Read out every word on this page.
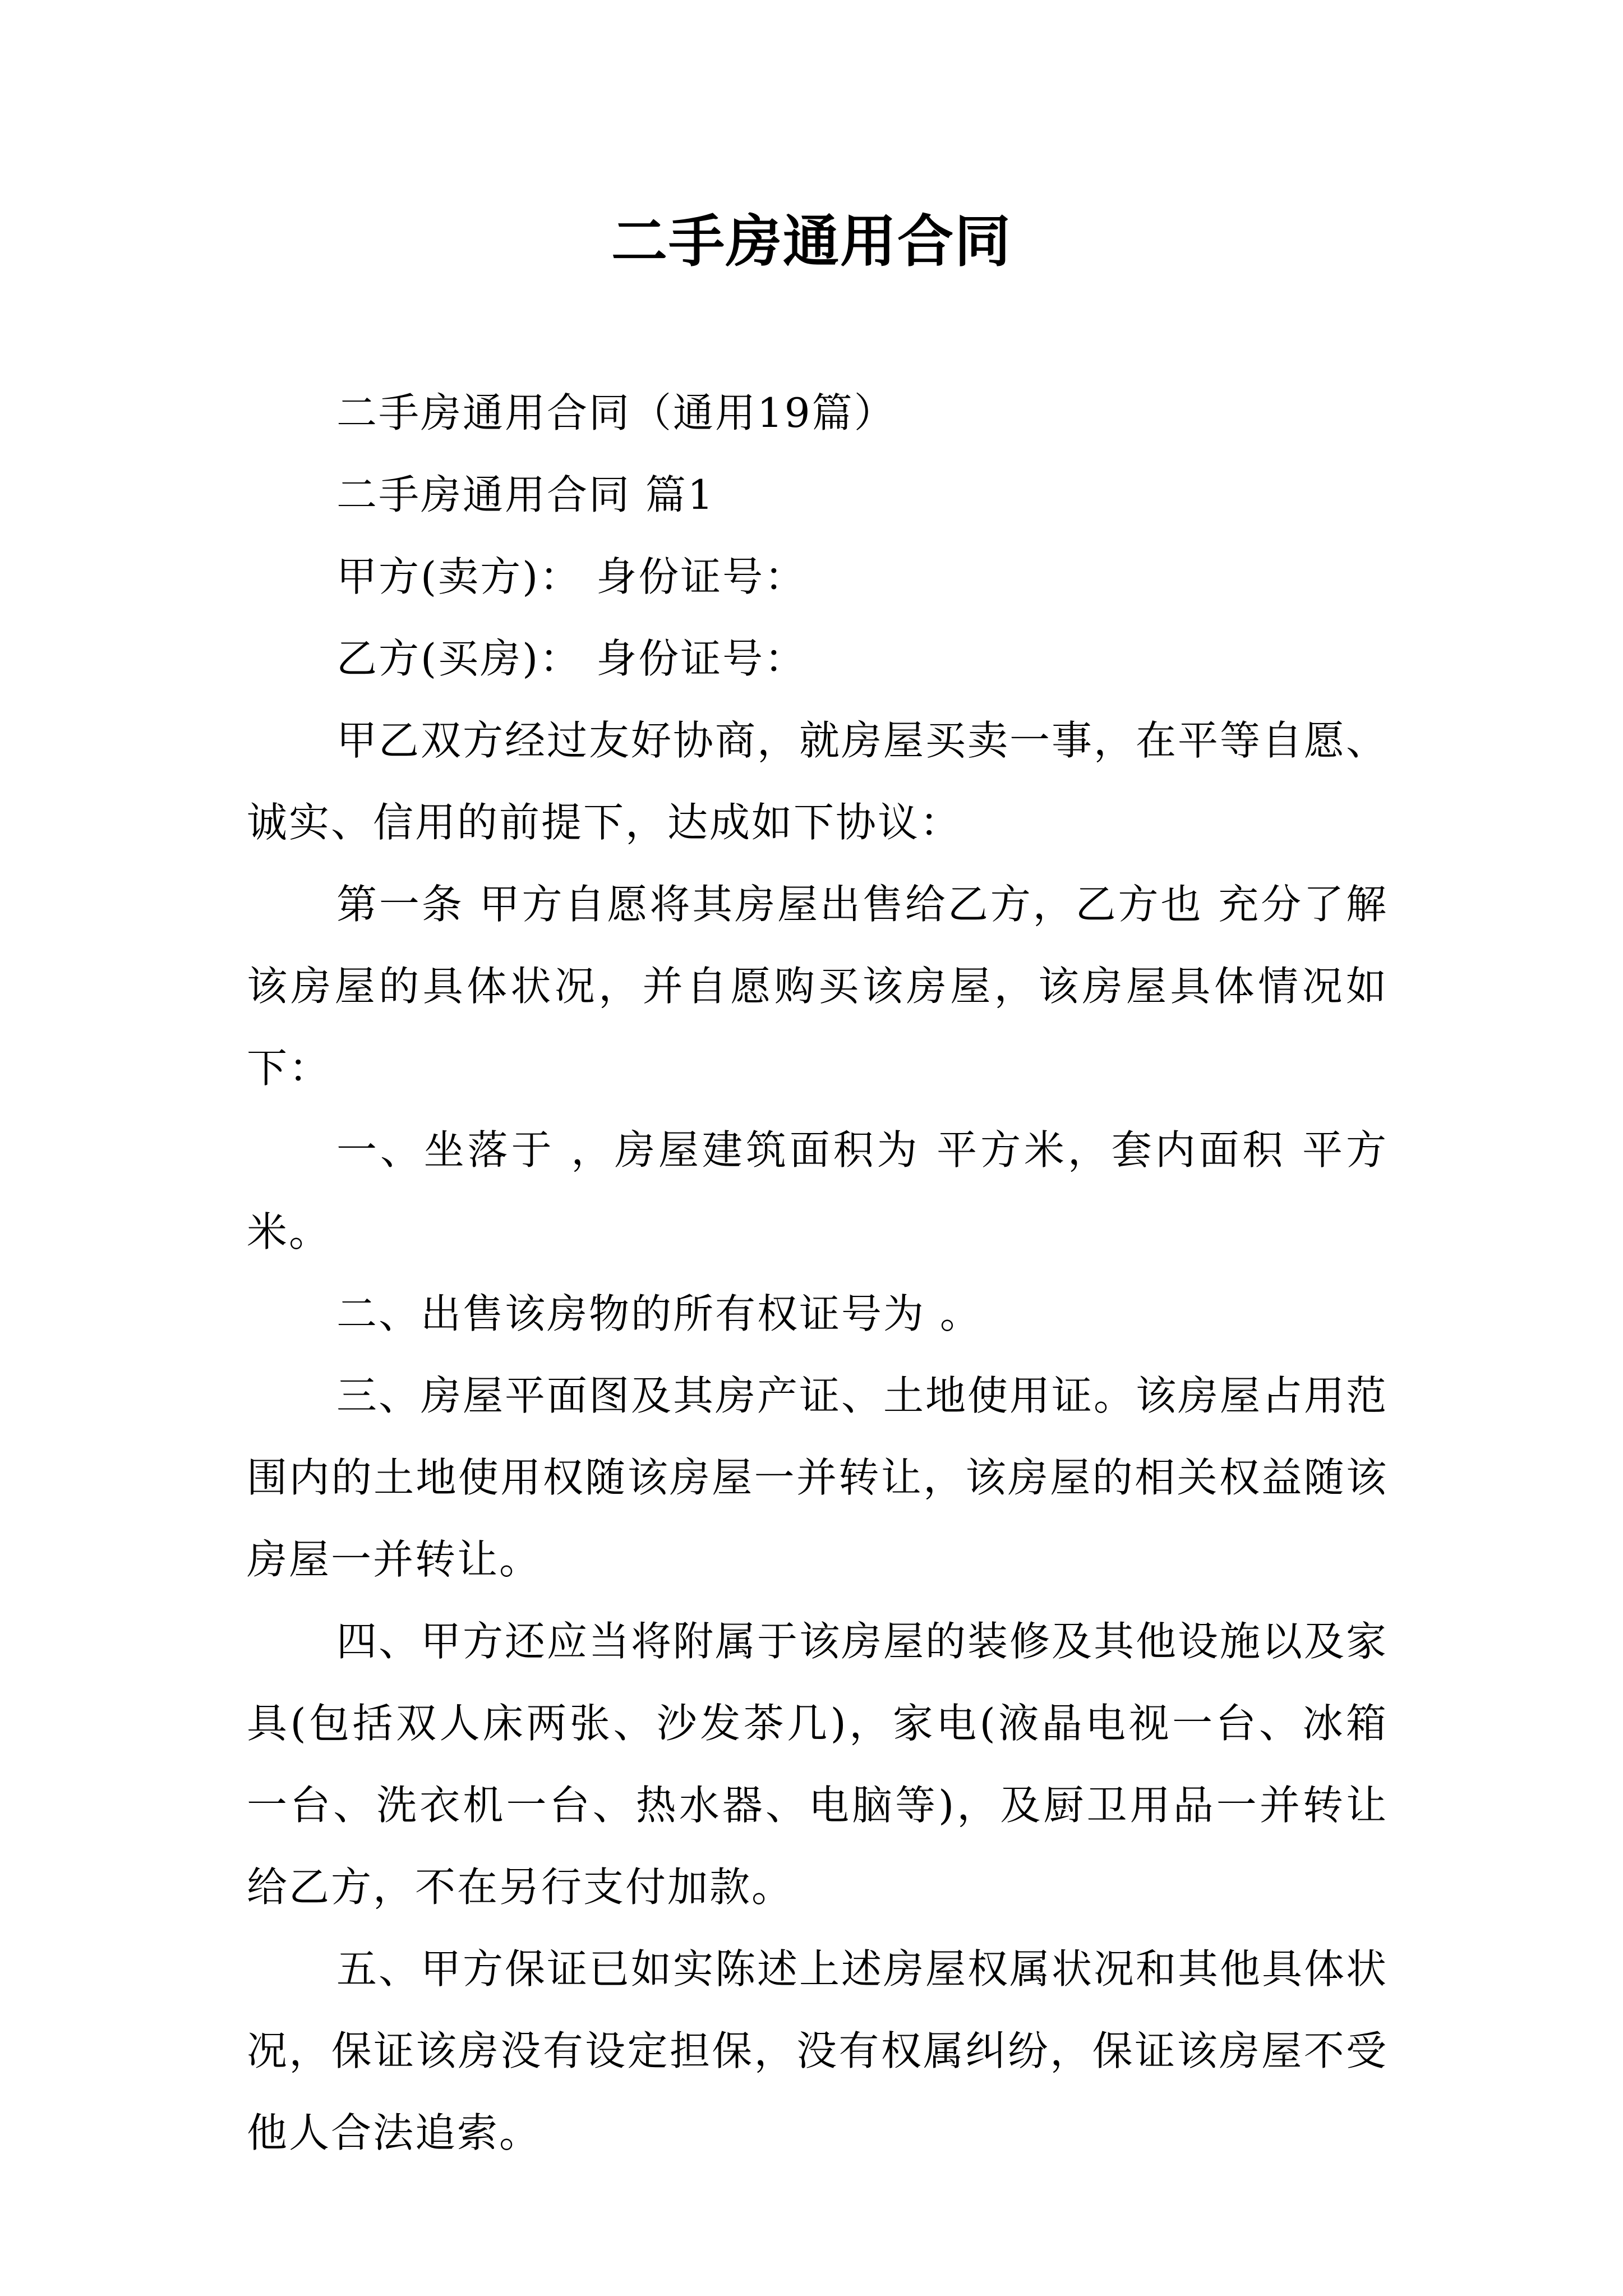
二手房通用合同

二手房通用合同（通用19篇）

二手房通用合同 篇1

甲方(卖方)： 身份证号：

乙方(买房)： 身份证号：

甲乙双方经过友好协商，就房屋买卖一事，在平等自愿、诚实、信用的前提下，达成如下协议：

第一条 甲方自愿将其房屋出售给乙方，乙方也 充分了解该房屋的具体状况，并自愿购买该房屋，该房屋具体情况如下：

一、坐落于 ，房屋建筑面积为 平方米，套内面积 平方米。

二、出售该房物的所有权证号为 。

三、房屋平面图及其房产证、土地使用证。该房屋占用范围内的土地使用权随该房屋一并转让，该房屋的相关权益随该房屋一并转让。

四、甲方还应当将附属于该房屋的装修及其他设施以及家具(包括双人床两张、沙发茶几)，家电(液晶电视一台、冰箱一台、洗衣机一台、热水器、电脑等)，及厨卫用品一并转让给乙方，不在另行支付加款。

五、甲方保证已如实陈述上述房屋权属状况和其他具体状况，保证该房没有设定担保，没有权属纠纷，保证该房屋不受他人合法追索。
